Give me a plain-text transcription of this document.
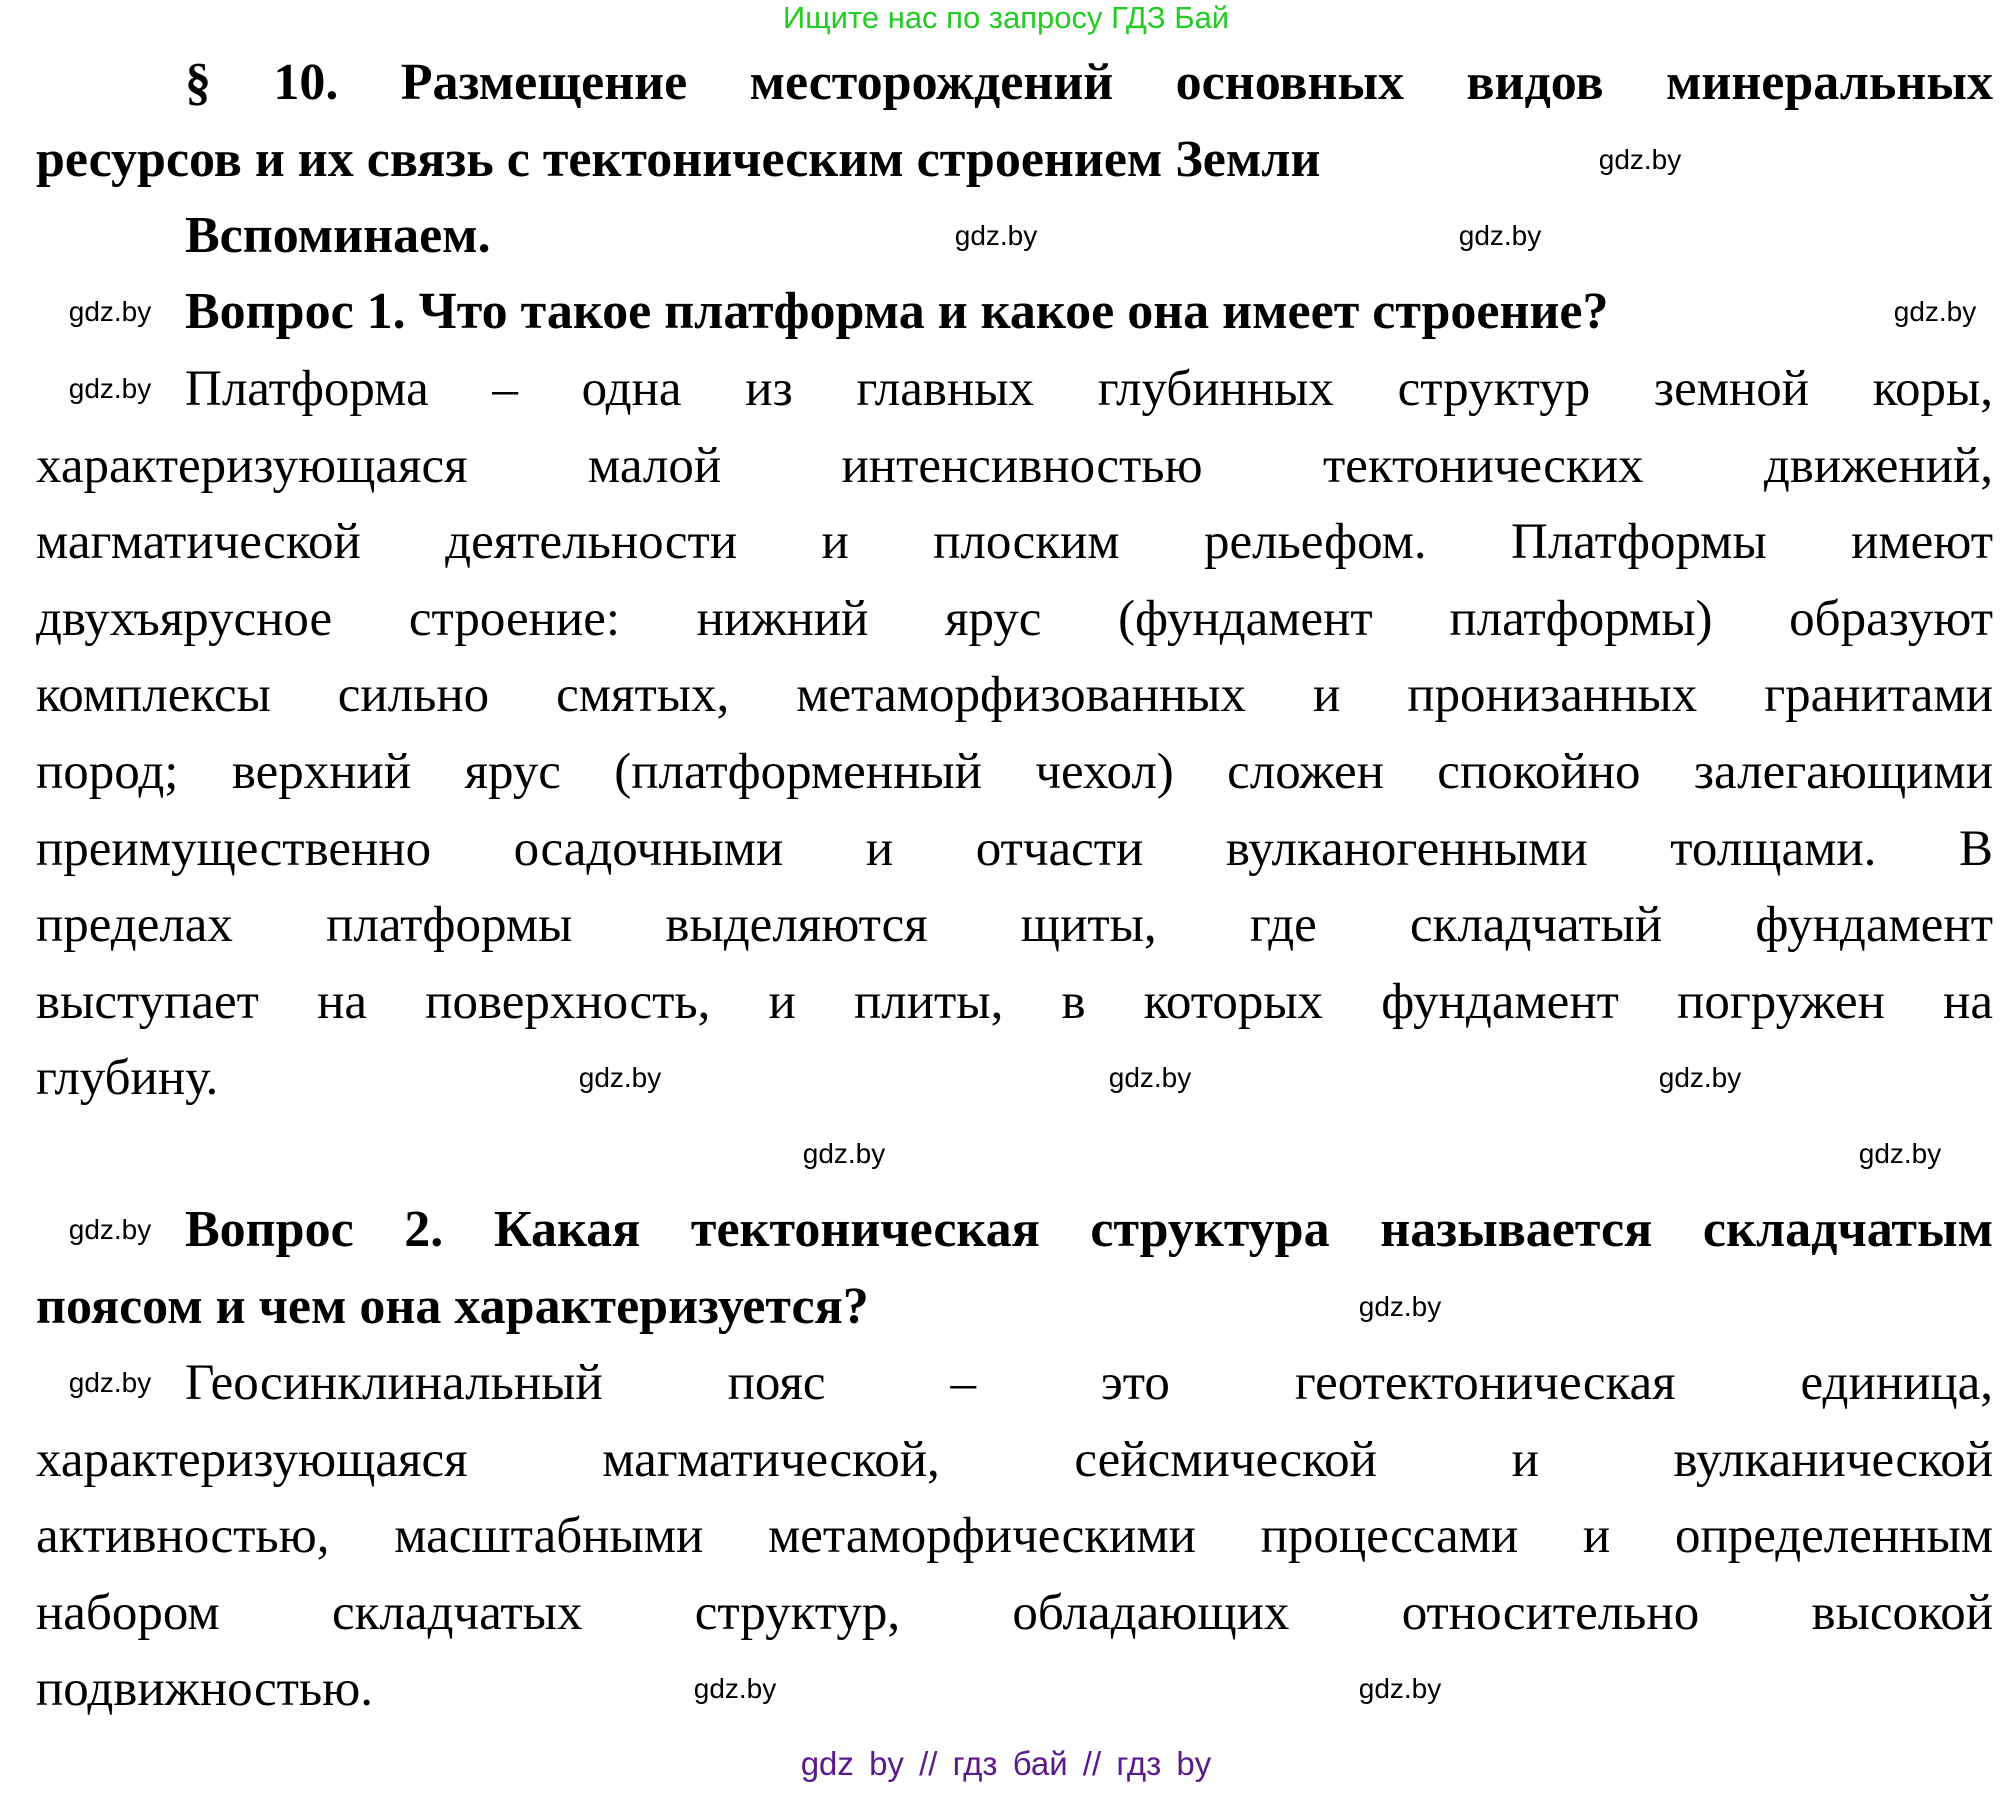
Ищите нас по запросу ГДЗ Бай
§ 10. Размещение месторождений основных видов минеральных
ресурсов и их связь с тектоническим строением Земли
Вспоминаем.
Вопрос 1. Что такое платформа и какое она имеет строение?
Платформа – одна из главных глубинных структур земной коры,
характеризующаяся малой интенсивностью тектонических движений,
магматической деятельности и плоским рельефом. Платформы имеют
двухъярусное строение: нижний ярус (фундамент платформы) образуют
комплексы сильно смятых, метаморфизованных и пронизанных гранитами
пород; верхний ярус (платформенный чехол) сложен спокойно залегающими
преимущественно осадочными и отчасти вулканогенными толщами. В
пределах платформы выделяются щиты, где складчатый фундамент
выступает на поверхность, и плиты, в которых фундамент погружен на
глубину.
Вопрос 2. Какая тектоническая структура называется складчатым
поясом и чем она характеризуется?
Геосинклинальный пояс – это геотектоническая единица,
характеризующаяся магматической, сейсмической и вулканической
активностью, масштабными метаморфическими процессами и определенным
набором складчатых структур, обладающих относительно высокой
подвижностью.
gdz.by
gdz.by	gdz.by
gdz.by	gdz.by
gdz.by
gdz.by	gdz.by	gdz.by
gdz.by	gdz.by
gdz.by
gdz.by
gdz.by
gdz.by	gdz.by
gdz by // гдз бай // гдз by
